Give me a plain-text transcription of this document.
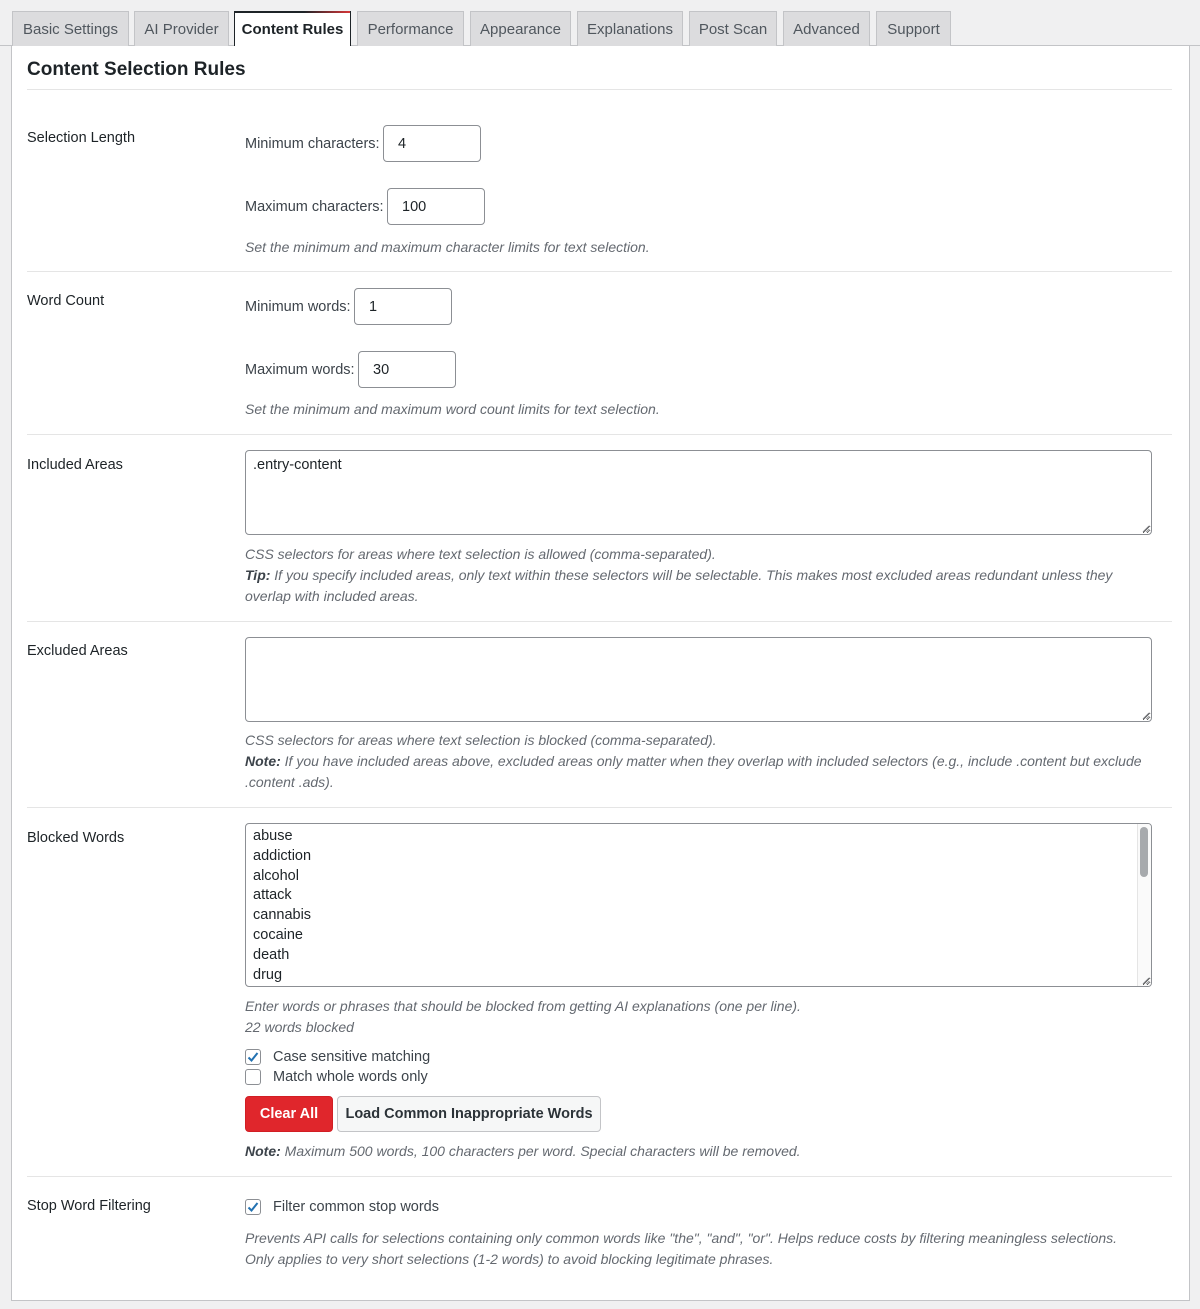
Basic Settings	AI Provider	Content Rules	Performance	Appearance	Explanations	Post Scan	Advanced	Support
Content Selection Rules
Selection Length	Minimum characters:
4
Maximum characters:
100
Set the minimum and maximum character limits for text selection.
Word Count	Minimum words:
1
Maximum words:
30
Set the minimum and maximum word count limits for text selection.
Included Areas	.entry-content
CSS selectors for areas where text selection is allowed (comma-separated).
Tip: If you specify included areas, only text within these selectors will be selectable. This makes most excluded areas redundant unless they overlap with included areas.
Excluded Areas
CSS selectors for areas where text selection is blocked (comma-separated).
Note: If you have included areas above, excluded areas only matter when they overlap with included selectors (e.g., include .content but exclude .content .ads).
Blocked Words	abuse
addiction
alcohol
attack
cannabis
cocaine
death
drug
Enter words or phrases that should be blocked from getting AI explanations (one per line).
22 words blocked
Case sensitive matching
Match whole words only
Clear All	Load Common Inappropriate Words
Note: Maximum 500 words, 100 characters per word. Special characters will be removed.
Stop Word Filtering	Filter common stop words
Prevents API calls for selections containing only common words like "the", "and", "or". Helps reduce costs by filtering meaningless selections.
Only applies to very short selections (1-2 words) to avoid blocking legitimate phrases.
